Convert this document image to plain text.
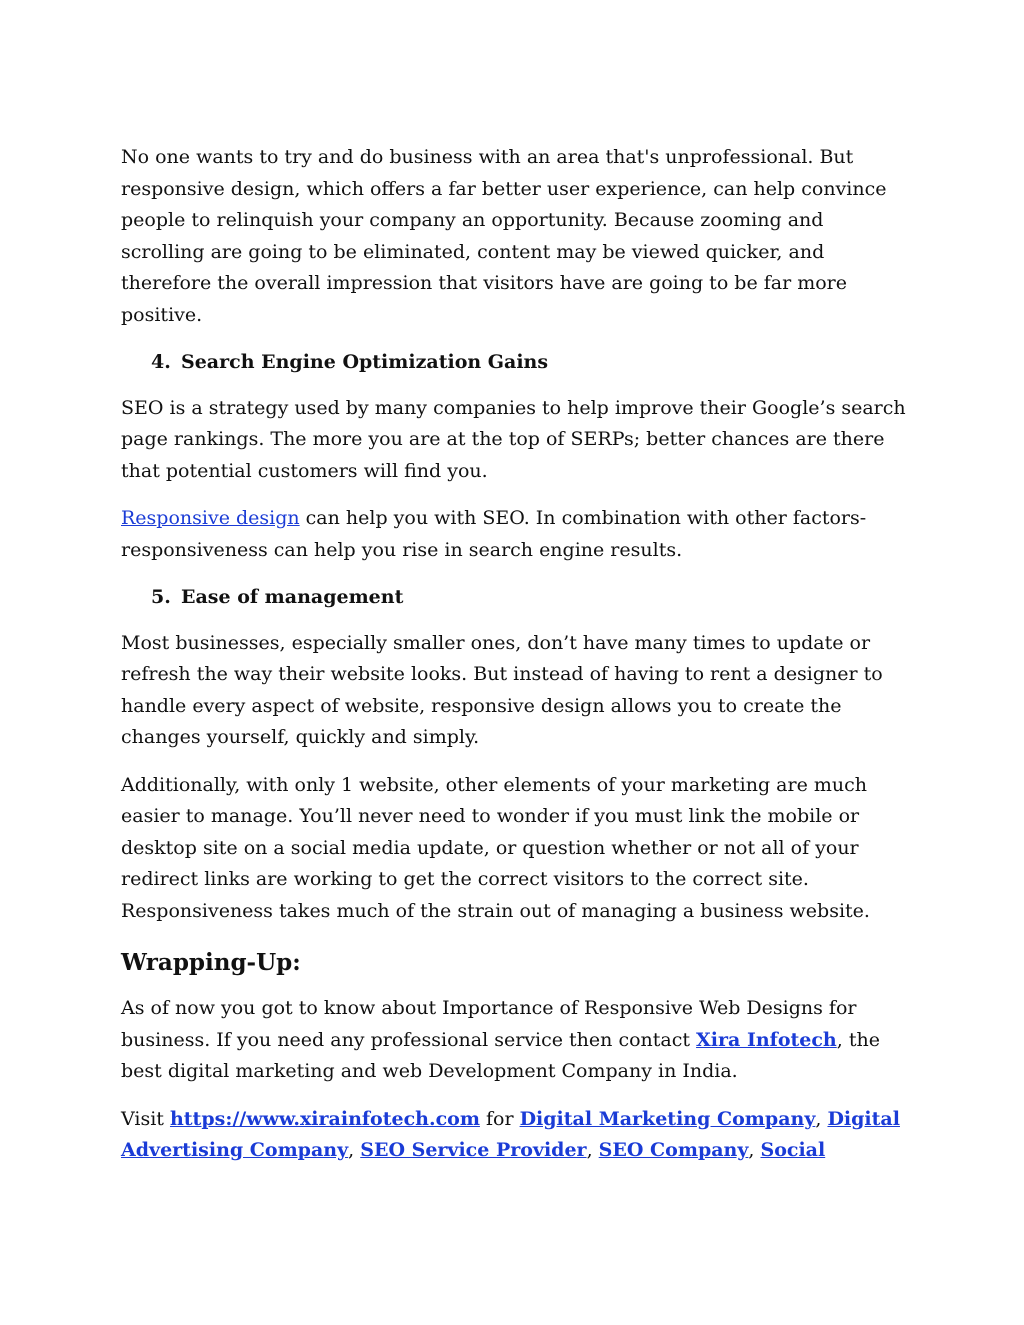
No one wants to try and do business with an area that's unprofessional. But responsive design, which offers a far better user experience, can help convince people to relinquish your company an opportunity. Because zooming and scrolling are going to be eliminated, content may be viewed quicker, and therefore the overall impression that visitors have are going to be far more positive.

4. Search Engine Optimization Gains

SEO is a strategy used by many companies to help improve their Google’s search page rankings. The more you are at the top of SERPs; better chances are there that potential customers will find you.

Responsive design can help you with SEO. In combination with other factors- responsiveness can help you rise in search engine results.

5. Ease of management

Most businesses, especially smaller ones, don’t have many times to update or refresh the way their website looks. But instead of having to rent a designer to handle every aspect of website, responsive design allows you to create the changes yourself, quickly and simply.

Additionally, with only 1 website, other elements of your marketing are much easier to manage. You’ll never need to wonder if you must link the mobile or desktop site on a social media update, or question whether or not all of your redirect links are working to get the correct visitors to the correct site. Responsiveness takes much of the strain out of managing a business website.

Wrapping-Up:

As of now you got to know about Importance of Responsive Web Designs for business. If you need any professional service then contact Xira Infotech, the best digital marketing and web Development Company in India.

Visit https://www.xirainfotech.com for Digital Marketing Company, Digital Advertising Company, SEO Service Provider, SEO Company, Social
